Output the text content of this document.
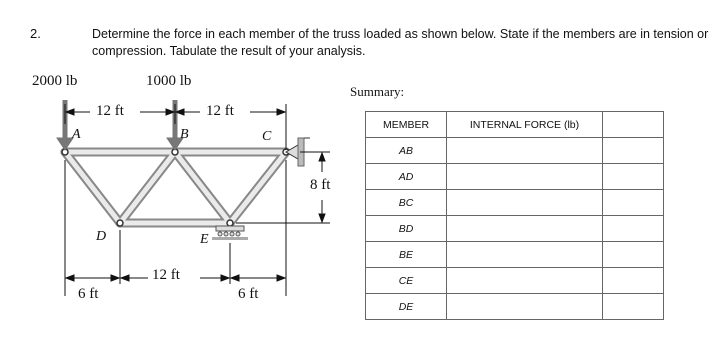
2.	Determine the force in each member of the truss loaded as shown below. State if the members are in tension or compression. Tabulate the result of your analysis.
2000 lb	1000 lb
12 ft	12 ft
A	B	C
D	E
8 ft
6 ft
12 ft
6 ft
Summary:
MEMBER	INTERNAL FORCE (lb)	
AB		
AD		
BC		
BD		
BE		
CE		
DE		
